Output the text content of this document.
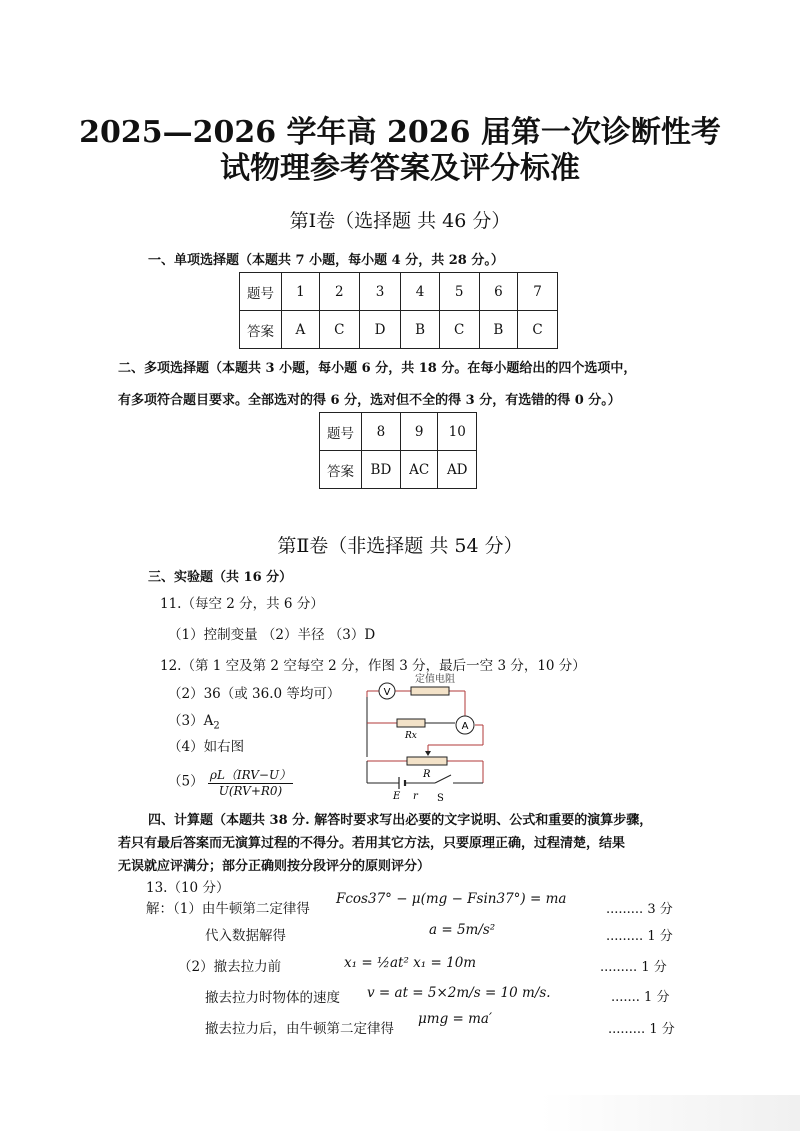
2025—2026 学年高 2026 届第一次诊断性考
试物理参考答案及评分标准
第Ⅰ卷（选择题 共 46 分）
一、单项选择题（本题共 7 小题，每小题 4 分，共 28 分。）
题号	1	2	3	4	5	6	7
答案	A	C	D	B	C	B	C
二、多项选择题（本题共 3 小题，每小题 6 分，共 18 分。在每小题给出的四个选项中，
有多项符合题目要求。全部选对的得 6 分，选对但不全的得 3 分，有选错的得 0 分。）
题号	8	9	10
答案	BD	AC	AD
第Ⅱ卷（非选择题 共 54 分）
三、实验题（共 16 分）
11.（每空 2 分，共 6 分）
（1）控制变量 （2）半径 （3）D
12.（第 1 空及第 2 空每空 2 分，作图 3 分，最后一空 3 分，10 分）
（2）36（或 36.0 等均可）
$(3)A_2$
（4）如右图
$(5) \frac{\text{ρL（IRV−U）}}{U(RV+R0)}$
V
定值电阻
Rx
A
R
E r S
四、计算题（本题共 38 分. 解答时要求写出必要的文字说明、公式和重要的演算步骤，
若只有最后答案而无演算过程的不得分。若用其它方法，只要原理正确，过程清楚，结果
无误就应评满分；部分正确则按分段评分的原则评分）
13.（10 分）
解：（1）由牛顿第二定律得
Fcos37° − μ(mg − Fsin37°) = ma
......... 3 分
代入数据解得	a = 5m/s²	......... 1 分
（2）撤去拉力前	x₁ = ½at² x₁ = 10m	......... 1 分
撤去拉力时物体的速度 v = at = 5×2m/s = 10 m/s.	....... 1 分
撤去拉力后，由牛顿第二定律得
μmg = ma′
......... 1 分
